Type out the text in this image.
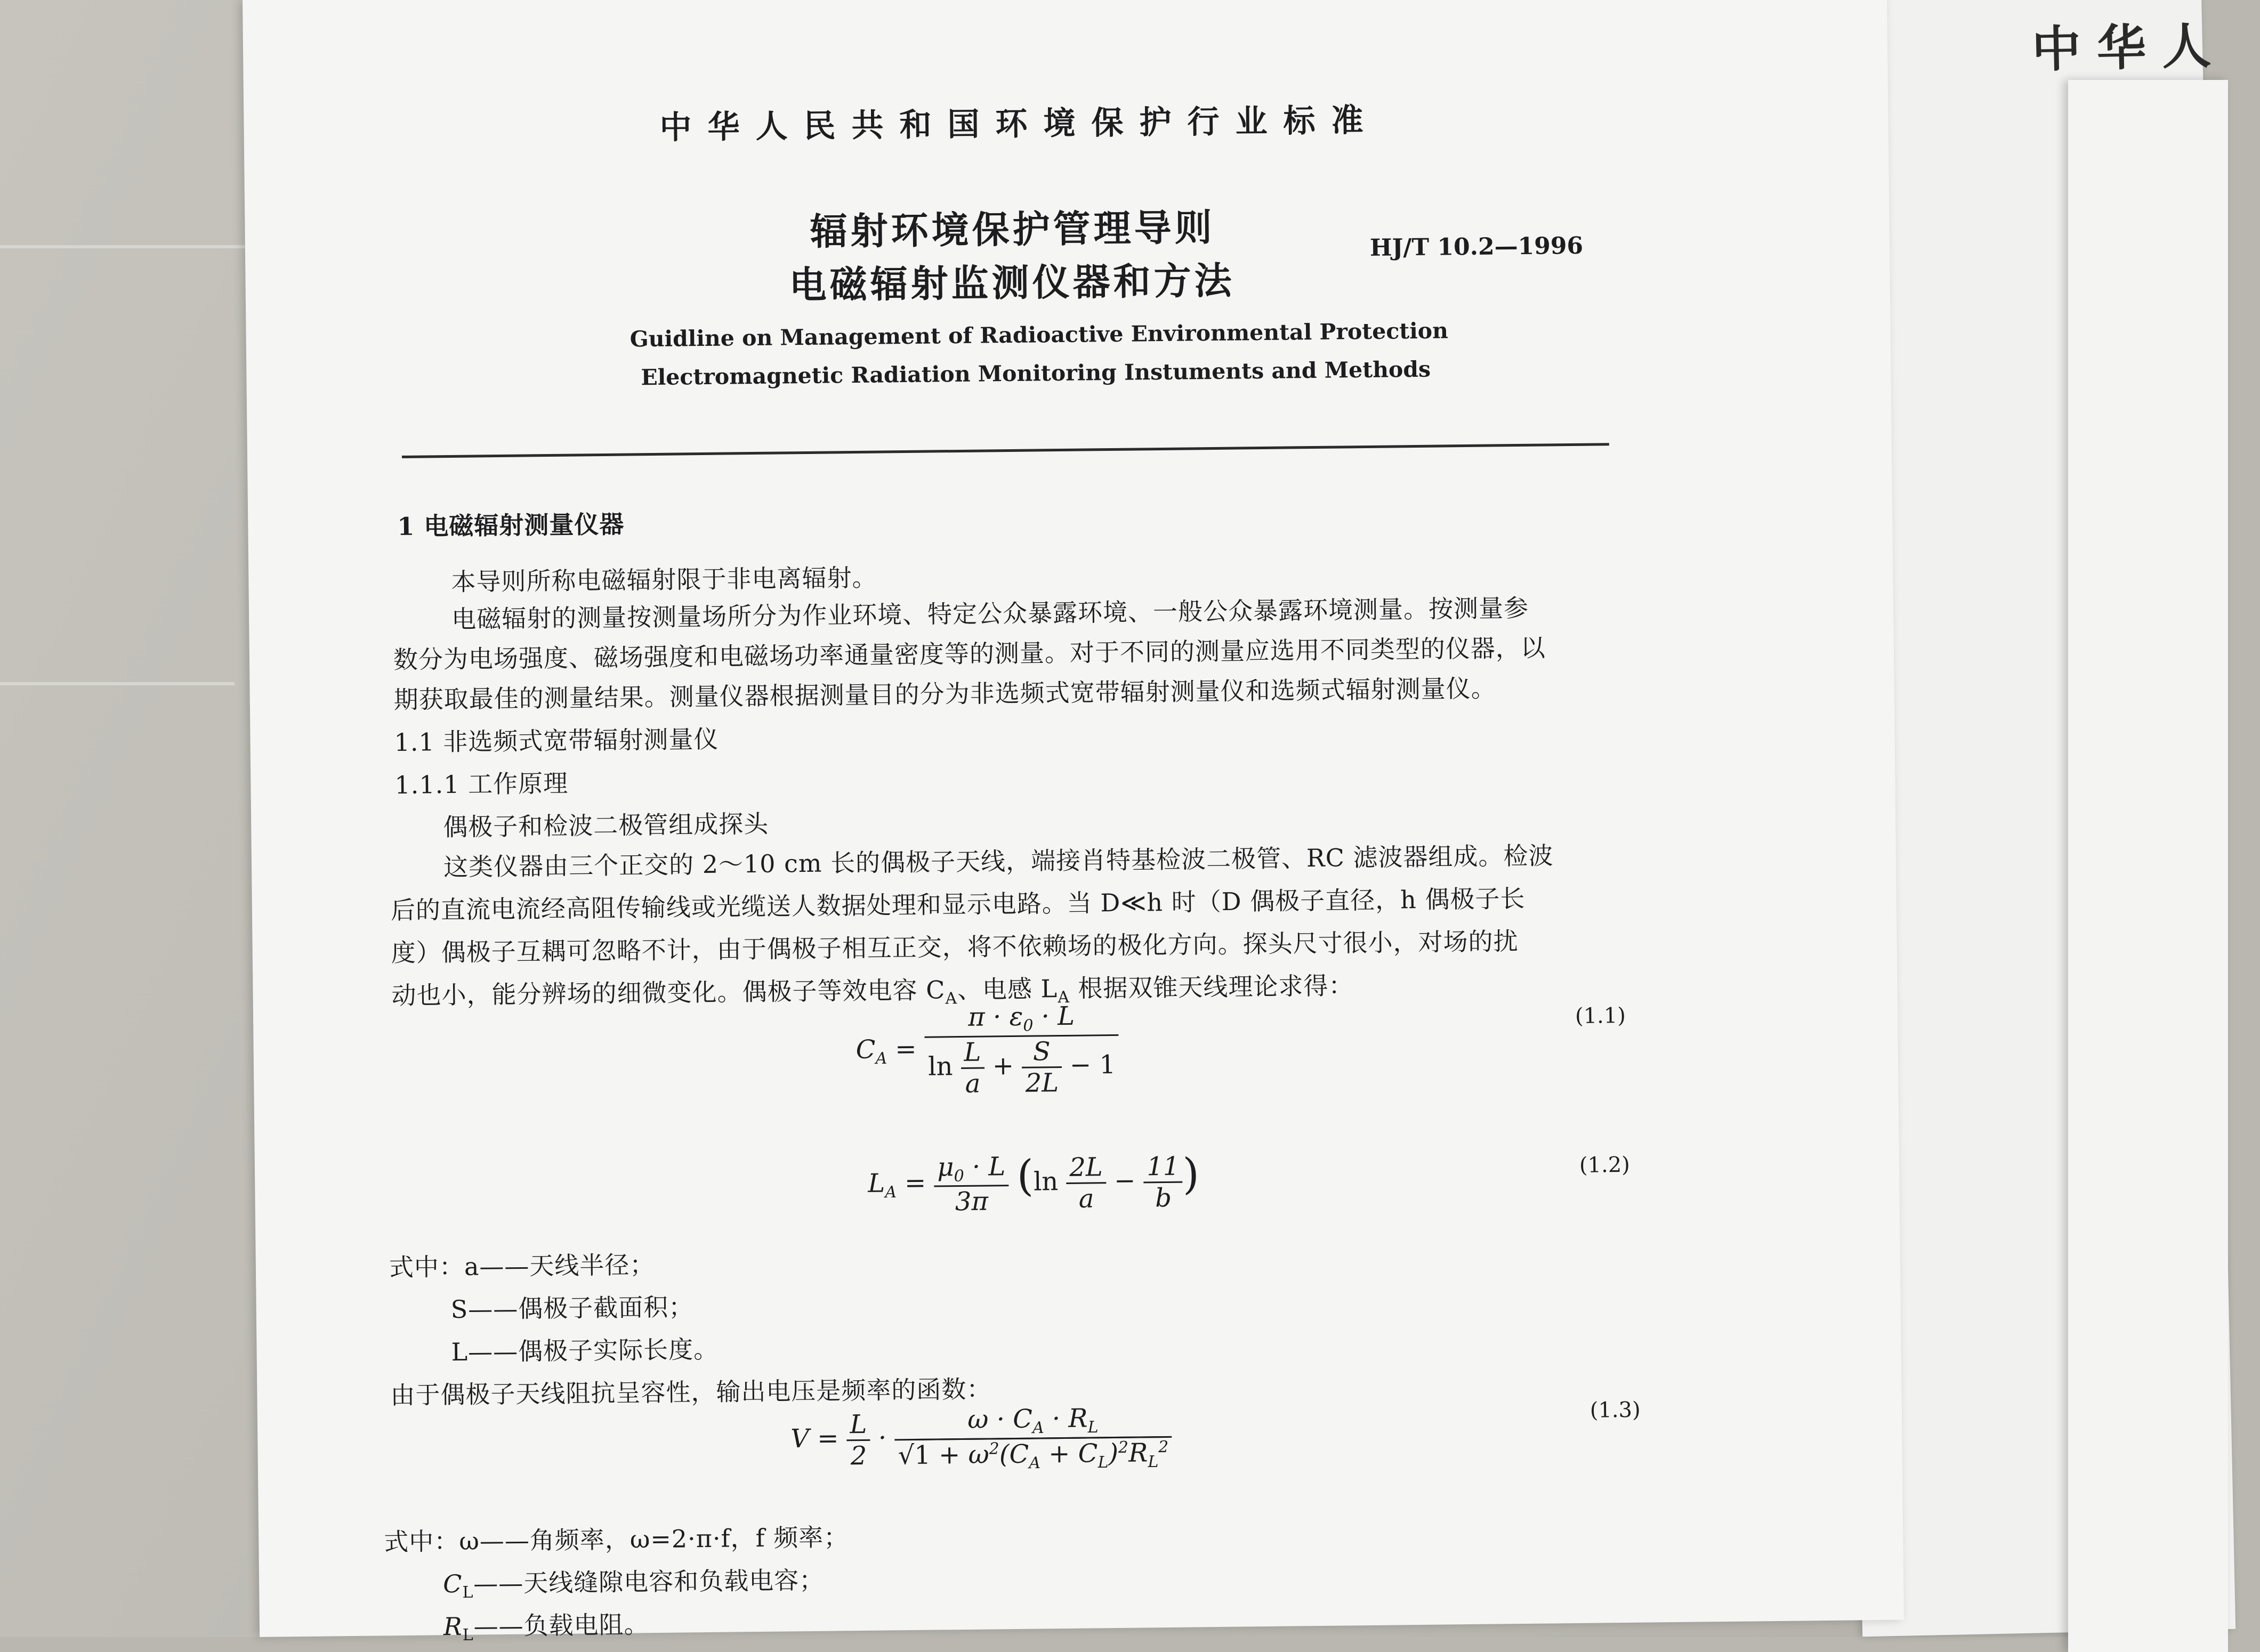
中华人
中华人民共和国环境保护行业标准
辐射环境保护管理导则
电磁辐射监测仪器和方法
HJ/T 10.2—1996
Guidline on Management of Radioactive Environmental Protection
Electromagnetic Radiation Monitoring Instuments and Methods
1 电磁辐射测量仪器
本导则所称电磁辐射限于非电离辐射。
电磁辐射的测量按测量场所分为作业环境、特定公众暴露环境、一般公众暴露环境测量。按测量参
数分为电场强度、磁场强度和电磁场功率通量密度等的测量。对于不同的测量应选用不同类型的仪器，以
期获取最佳的测量结果。测量仪器根据测量目的分为非选频式宽带辐射测量仪和选频式辐射测量仪。
1.1 非选频式宽带辐射测量仪
1.1.1 工作原理
偶极子和检波二极管组成探头
这类仪器由三个正交的 2～10 cm 长的偶极子天线，端接肖特基检波二极管、RC 滤波器组成。检波
后的直流电流经高阻传输线或光缆送人数据处理和显示电路。当 D≪h 时（D 偶极子直径，h 偶极子长
度）偶极子互耦可忽略不计，由于偶极子相互正交，将不依赖场的极化方向。探头尺寸很小，对场的扰
动也小，能分辨场的细微变化。偶极子等效电容 $C_A$、电感 $L_A$ 根据双锥天线理论求得：
$C_A$ =
$\frac{\pi \cdot \varepsilon_0 \cdot L}{\ln \frac{L}{a} + \frac{S}{2L} - 1}$	(1.1)
$L_A = \frac{\mu_0 \cdot L}{3\pi} (\ln \frac{2L}{a} - \frac{11}{b}$
)	(1.2)
式中：a——天线半径；
S——偶极子截面积；
L——偶极子实际长度。
由于偶极子天线阻抗呈容性，输出电压是频率的函数：
$V = \frac{L}{2} \cdot \frac{\omega \cdot C_A \cdot R_L}{√1 + \omega^2(C_A + C_L)^2R_L^2}$	(1.3)
式中：ω——角频率，ω=2·π·f，f 频率；
$C_L——$天线缝隙电容和负载电容；
$R_L——$负载电阻。
